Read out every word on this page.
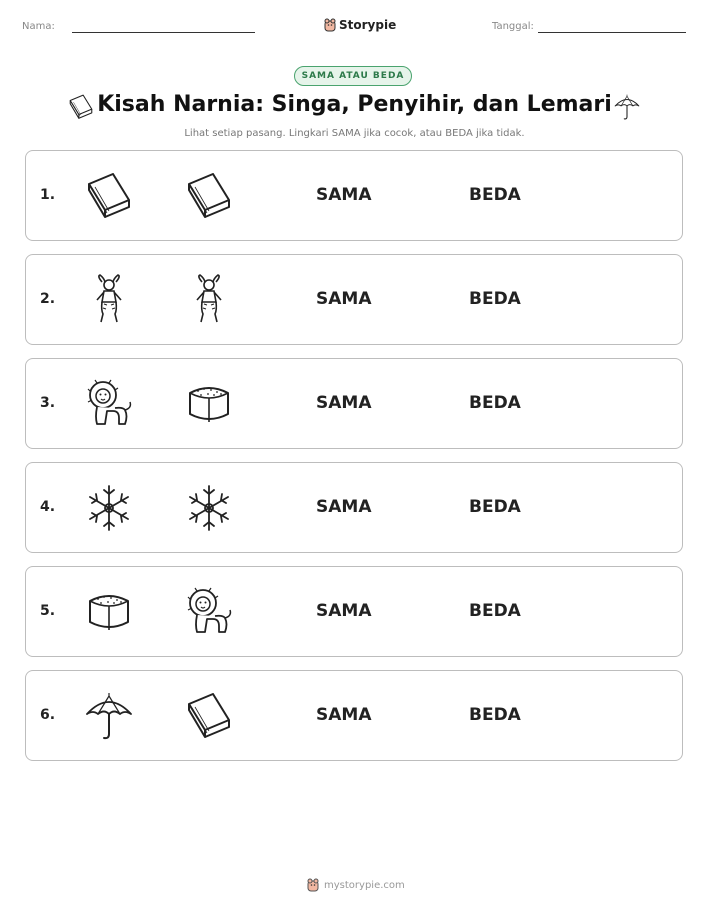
Nama:	Storypie	Tanggal:
SAMA ATAU BEDA
Kisah Narnia: Singa, Penyihir, dan Lemari
Lihat setiap pasang. Lingkari SAMA jika cocok, atau BEDA jika tidak.
1.	SAMA	BEDA
2.	SAMA	BEDA
3.	SAMA	BEDA
4.	SAMA	BEDA
5.	SAMA	BEDA
6.	SAMA	BEDA
mystorypie.com
